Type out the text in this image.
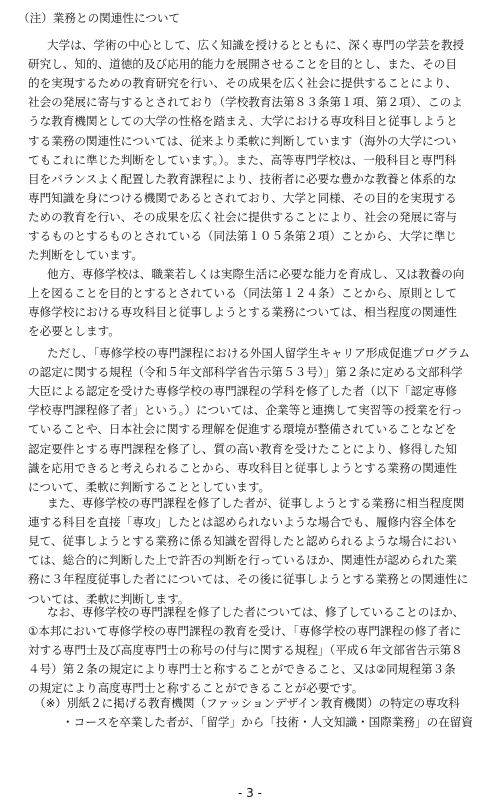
（注）業務との関連性について
大学は、学術の中心として、広く知識を授けるとともに、深く専門の学芸を教授
研究し、知的、道徳的及び応用的能力を展開させることを目的とし、また、その目
的を実現するための教育研究を行い、その成果を広く社会に提供することにより、
社会の発展に寄与するとされており（学校教育法第８３条第１項、第２項）、このよ
うな教育機関としての大学の性格を踏まえ、大学における専攻科目と従事しようと
する業務の関連性については、従来より柔軟に判断しています（海外の大学につい
てもこれに準じた判断をしています。）。また、高等専門学校は、一般科目と専門科
目をバランスよく配置した教育課程により、技術者に必要な豊かな教養と体系的な
専門知識を身につける機関であるとされており、大学と同様、その目的を実現する
ための教育を行い、その成果を広く社会に提供することにより、社会の発展に寄与
するものとするものとされている（同法第１０５条第２項）ことから、大学に準じ
た判断をしています。
他方、専修学校は、職業若しくは実際生活に必要な能力を育成し、又は教養の向
上を図ることを目的とするとされている（同法第１２４条）ことから、原則として
専修学校における専攻科目と従事しようとする業務については、相当程度の関連性
を必要とします。
ただし、「専修学校の専門課程における外国人留学生キャリア形成促進プログラム
の認定に関する規程（令和５年文部科学省告示第５３号）」第２条に定める文部科学
大臣による認定を受けた専修学校の専門課程の学科を修了した者（以下「認定専修
学校専門課程修了者」という。）については、企業等と連携して実習等の授業を行っ
ていることや、日本社会に関する理解を促進する環境が整備されていることなどを
認定要件とする専門課程を修了し、質の高い教育を受けたことにより、修得した知
識を応用できると考えられることから、専攻科目と従事しようとする業務の関連性
について、柔軟に判断することとしています。
また、専修学校の専門課程を修了した者が、従事しようとする業務に相当程度関
連する科目を直接「専攻」したとは認められないような場合でも、履修内容全体を
見て、従事しようとする業務に係る知識を習得したと認められるような場合におい
ては、総合的に判断した上で許否の判断を行っているほか、関連性が認められた業
務に３年程度従事した者にについては、その後に従事しようとする業務との関連性に
ついては、柔軟に判断します。
なお、専修学校の専門課程を修了した者については、修了していることのほか、
①本邦において専修学校の専門課程の教育を受け、「専修学校の専門課程の修了者に
対する専門士及び高度専門士の称号の付与に関する規程」（平成６年文部省告示第８
４号）第２条の規定により専門士と称することができること、又は②同規程第３条
の規定により高度専門士と称することができることが必要です。
（※）別紙２に掲げる教育機関（ファッションデザイン教育機関）の特定の専攻科
・コースを卒業した者が、「留学」から「技術・人文知識・国際業務」の在留資
- 3 -
